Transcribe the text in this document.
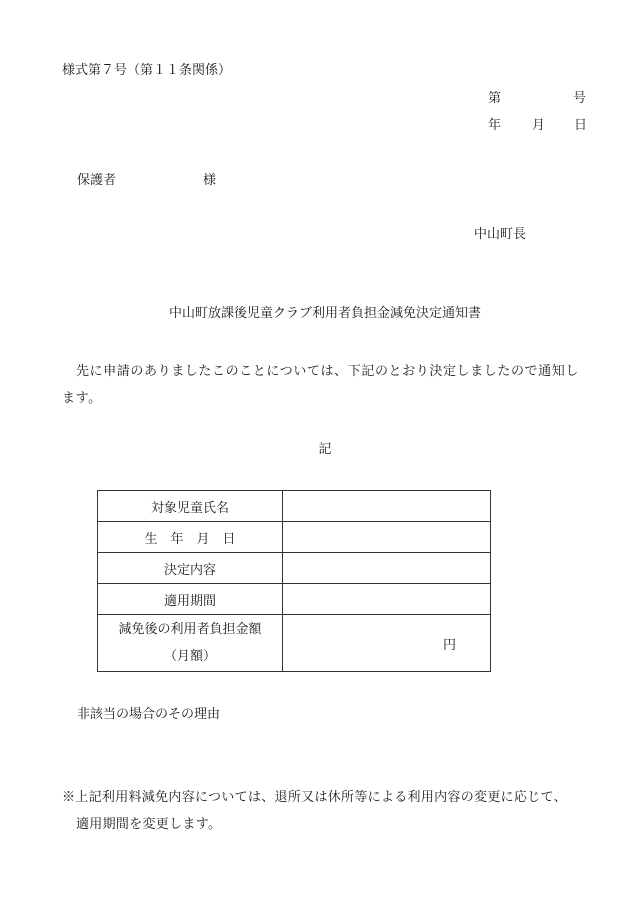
様式第７号（第１１条関係）
第	号
年 月 日
保護者	様
中山町長
中山町放課後児童クラブ利用者負担金減免決定通知書
先に申請のありましたこのことについては、下記のとおり決定しましたので通知します。
記
対象児童氏名	
生　年　月　日	
決定内容	
適用期間	
減免後の利用者負担金額
（月額）	円
非該当の場合のその理由
※上記利用料減免内容については、退所又は休所等による利用内容の変更に応じて、
適用期間を変更します。
